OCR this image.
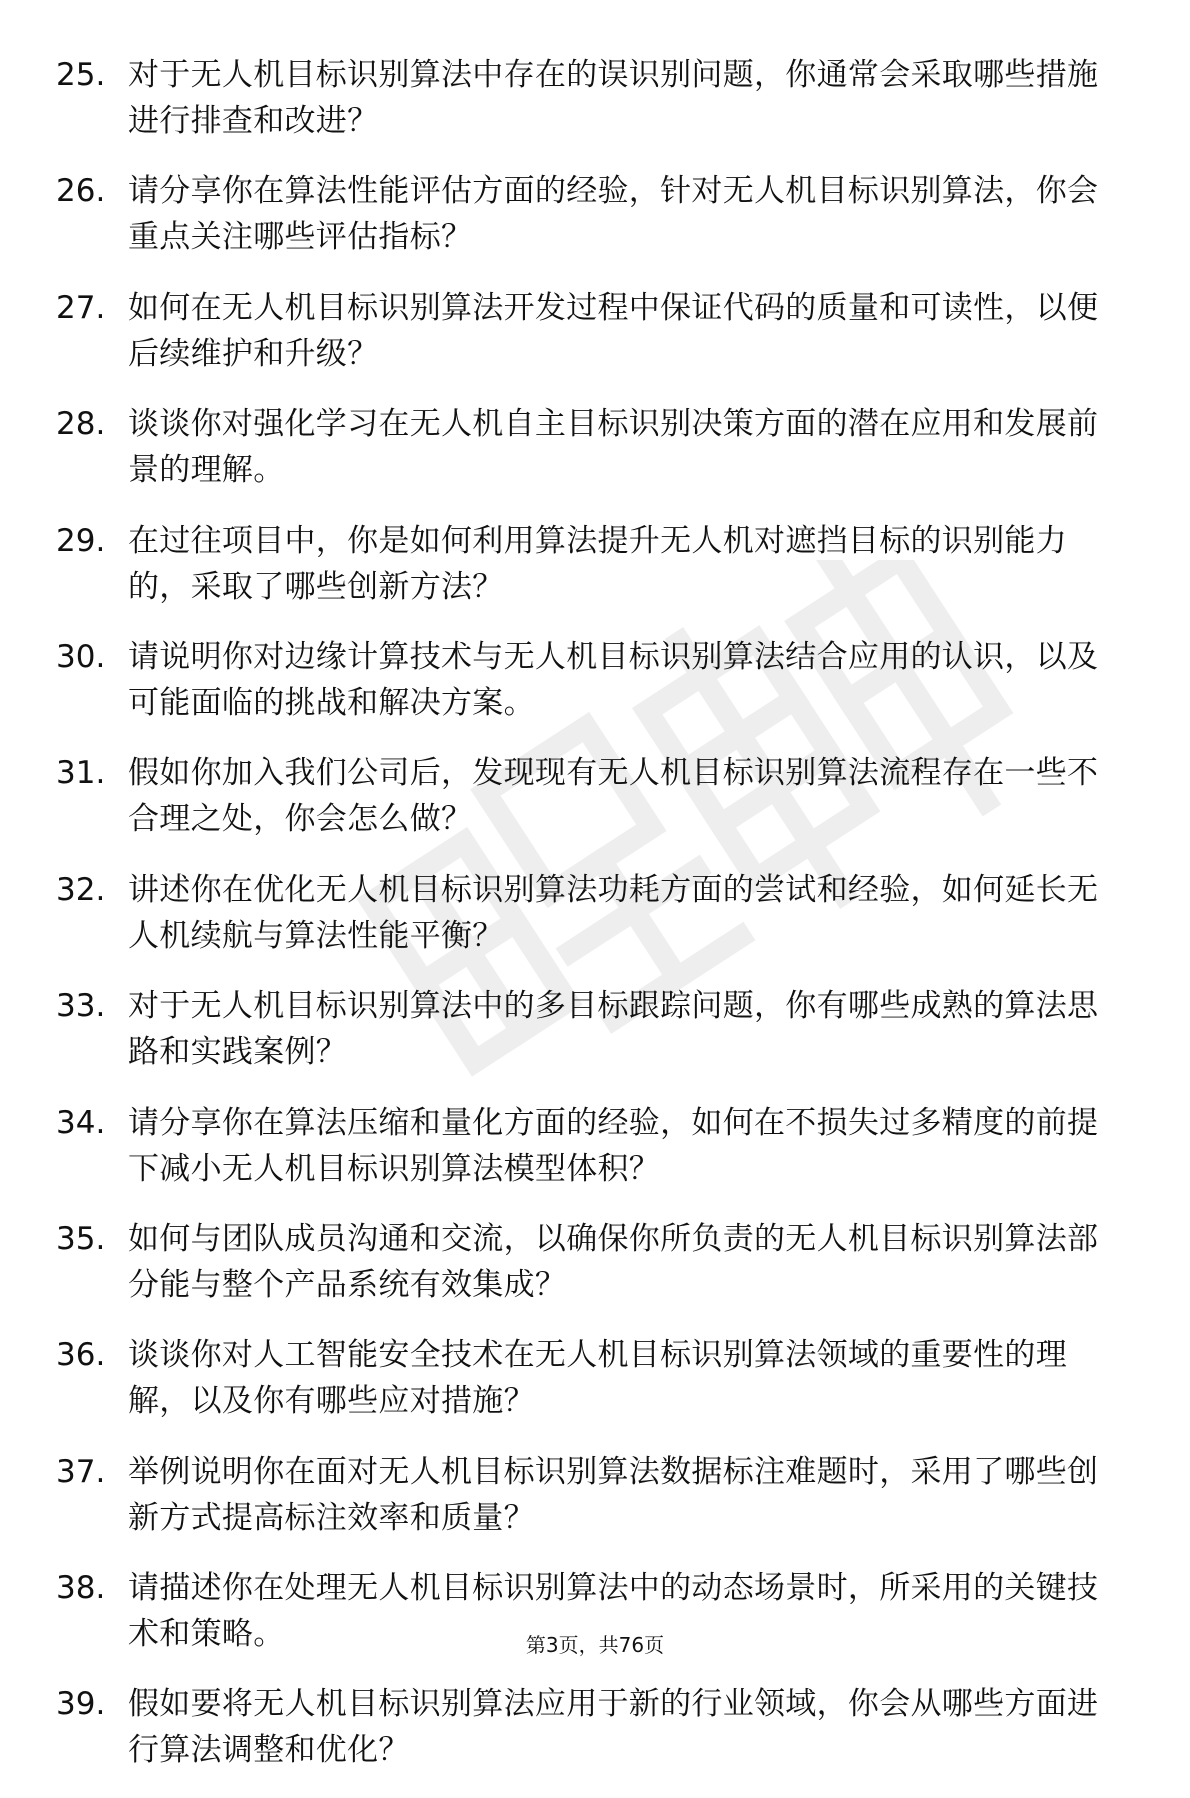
25. 对于无人机目标识别算法中存在的误识别问题，你通常会采取哪些措施进行排查和改进？
26. 请分享你在算法性能评估方面的经验，针对无人机目标识别算法，你会重点关注哪些评估指标？
27. 如何在无人机目标识别算法开发过程中保证代码的质量和可读性，以便后续维护和升级？
28. 谈谈你对强化学习在无人机自主目标识别决策方面的潜在应用和发展前景的理解。
29. 在过往项目中，你是如何利用算法提升无人机对遮挡目标的识别能力的，采取了哪些创新方法？
30. 请说明你对边缘计算技术与无人机目标识别算法结合应用的认识，以及可能面临的挑战和解决方案。
31. 假如你加入我们公司后，发现现有无人机目标识别算法流程存在一些不合理之处，你会怎么做？
32. 讲述你在优化无人机目标识别算法功耗方面的尝试和经验，如何延长无人机续航与算法性能平衡？
33. 对于无人机目标识别算法中的多目标跟踪问题，你有哪些成熟的算法思路和实践案例？
34. 请分享你在算法压缩和量化方面的经验，如何在不损失过多精度的前提下减小无人机目标识别算法模型体积？
35. 如何与团队成员沟通和交流，以确保你所负责的无人机目标识别算法部分能与整个产品系统有效集成？
36. 谈谈你对人工智能安全技术在无人机目标识别算法领域的重要性的理解，以及你有哪些应对措施？
37. 举例说明你在面对无人机目标识别算法数据标注难题时，采用了哪些创新方式提高标注效率和质量？
38. 请描述你在处理无人机目标识别算法中的动态场景时，所采用的关键技术和策略。
39. 假如要将无人机目标识别算法应用于新的行业领域，你会从哪些方面进行算法调整和优化？
第3页，共76页
